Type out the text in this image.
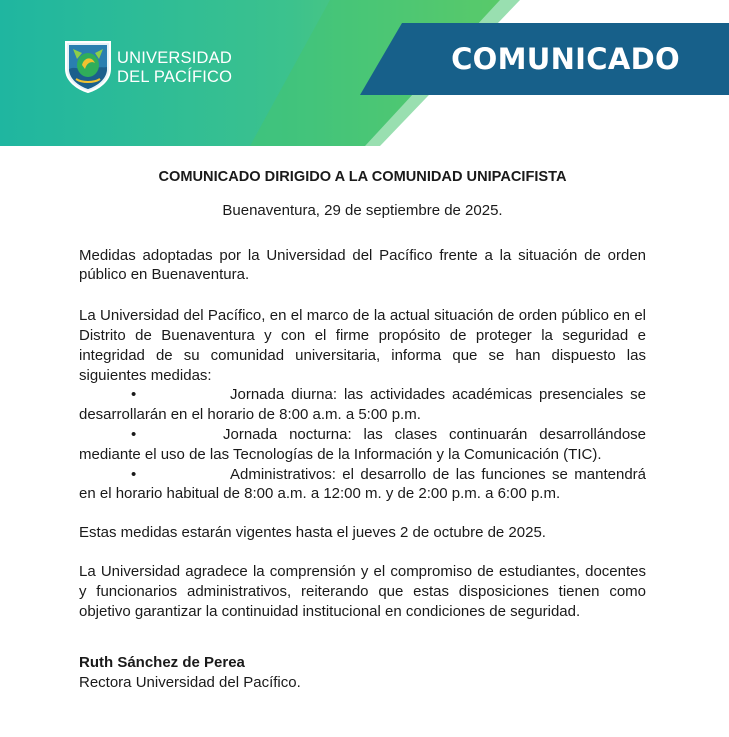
UNIVERSIDAD
DEL PACÍFICO
COMUNICADO
COMUNICADO DIRIGIDO A LA COMUNIDAD UNIPACIFISTA
Buenaventura, 29 de septiembre de 2025.

Medidas adoptadas por la Universidad del Pacífico frente a la situación de orden público en Buenaventura.

La Universidad del Pacífico, en el marco de la actual situación de orden público en el Distrito de Buenaventura y con el firme propósito de proteger la seguridad e integridad de su comunidad universitaria, informa que se han dispuesto las siguientes medidas:

•	Jornada diurna: las actividades académicas presenciales se desarrollarán en el horario de 8:00 a.m. a 5:00 p.m.

•	Jornada nocturna: las clases continuarán desarrollándose mediante el uso de las Tecnologías de la Información y la Comunicación (TIC).

•	Administrativos: el desarrollo de las funciones se mantendrá en el horario habitual de 8:00 a.m. a 12:00 m. y de 2:00 p.m. a 6:00 p.m.

Estas medidas estarán vigentes hasta el jueves 2 de octubre de 2025.

La Universidad agradece la comprensión y el compromiso de estudiantes, docentes y funcionarios administrativos, reiterando que estas disposiciones tienen como objetivo garantizar la continuidad institucional en condiciones de seguridad.

Ruth Sánchez de Perea
Rectora Universidad del Pacífico.
